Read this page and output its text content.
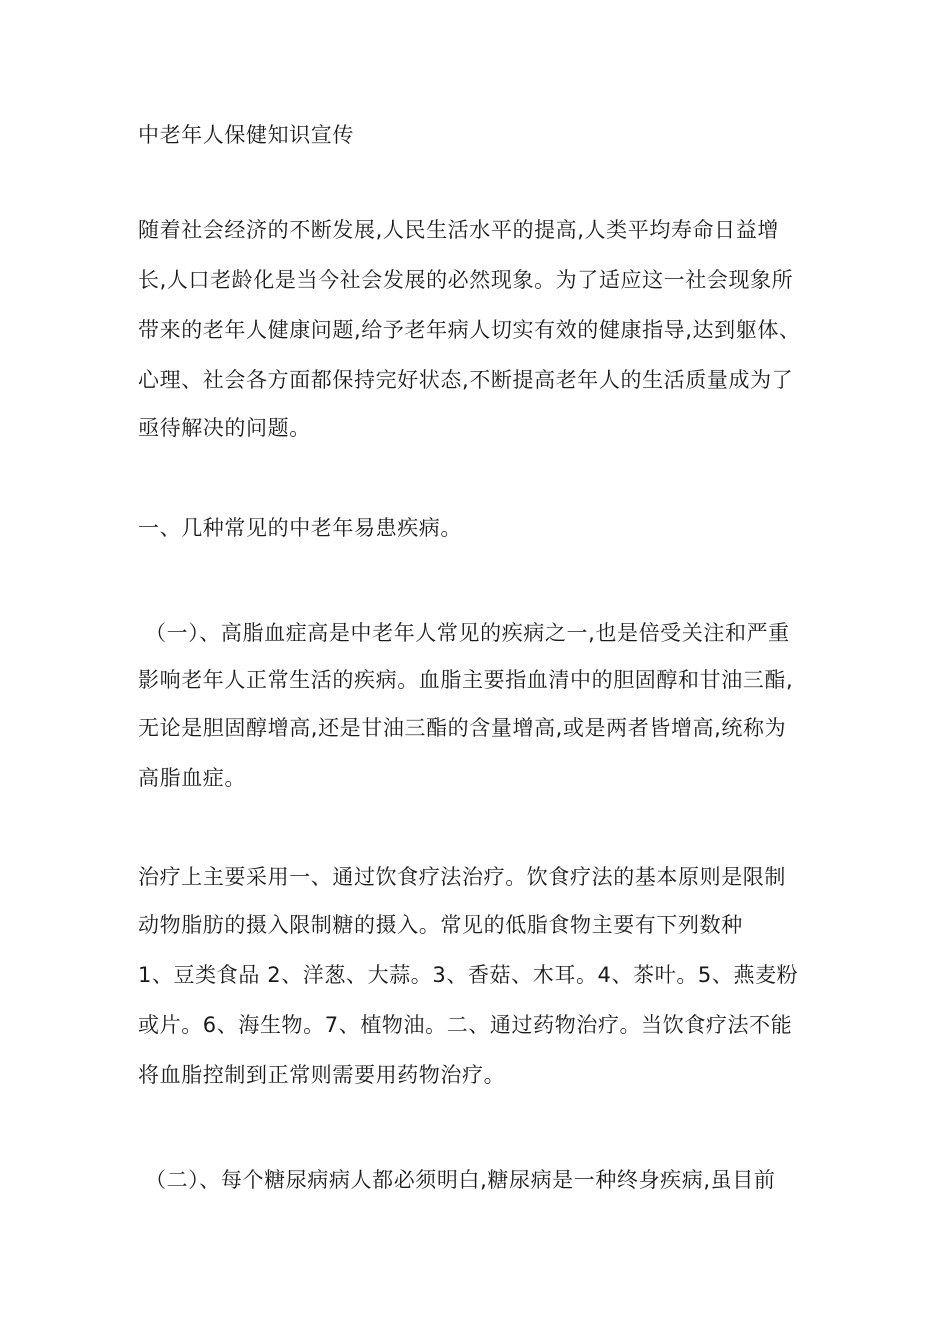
中老年人保健知识宣传
随着社会经济的不断发展,人民生活水平的提高,人类平均寿命日益增
长,人口老龄化是当今社会发展的必然现象。为了适应这一社会现象所
带来的老年人健康问题,给予老年病人切实有效的健康指导,达到躯体、
心理、社会各方面都保持完好状态,不断提高老年人的生活质量成为了
亟待解决的问题。
一、几种常见的中老年易患疾病。
（一）、高脂血症高是中老年人常见的疾病之一,也是倍受关注和严重
影响老年人正常生活的疾病。血脂主要指血清中的胆固醇和甘油三酯,
无论是胆固醇增高,还是甘油三酯的含量增高,或是两者皆增高,统称为
高脂血症。
治疗上主要采用一、通过饮食疗法治疗。饮食疗法的基本原则是限制
动物脂肪的摄入限制糖的摄入。常见的低脂食物主要有下列数种
1、豆类食品 2、洋葱、大蒜。3、香菇、木耳。4、茶叶。5、燕麦粉
或片。6、海生物。7、植物油。二、通过药物治疗。当饮食疗法不能
将血脂控制到正常则需要用药物治疗。
（二）、每个糖尿病病人都必须明白,糖尿病是一种终身疾病,虽目前
